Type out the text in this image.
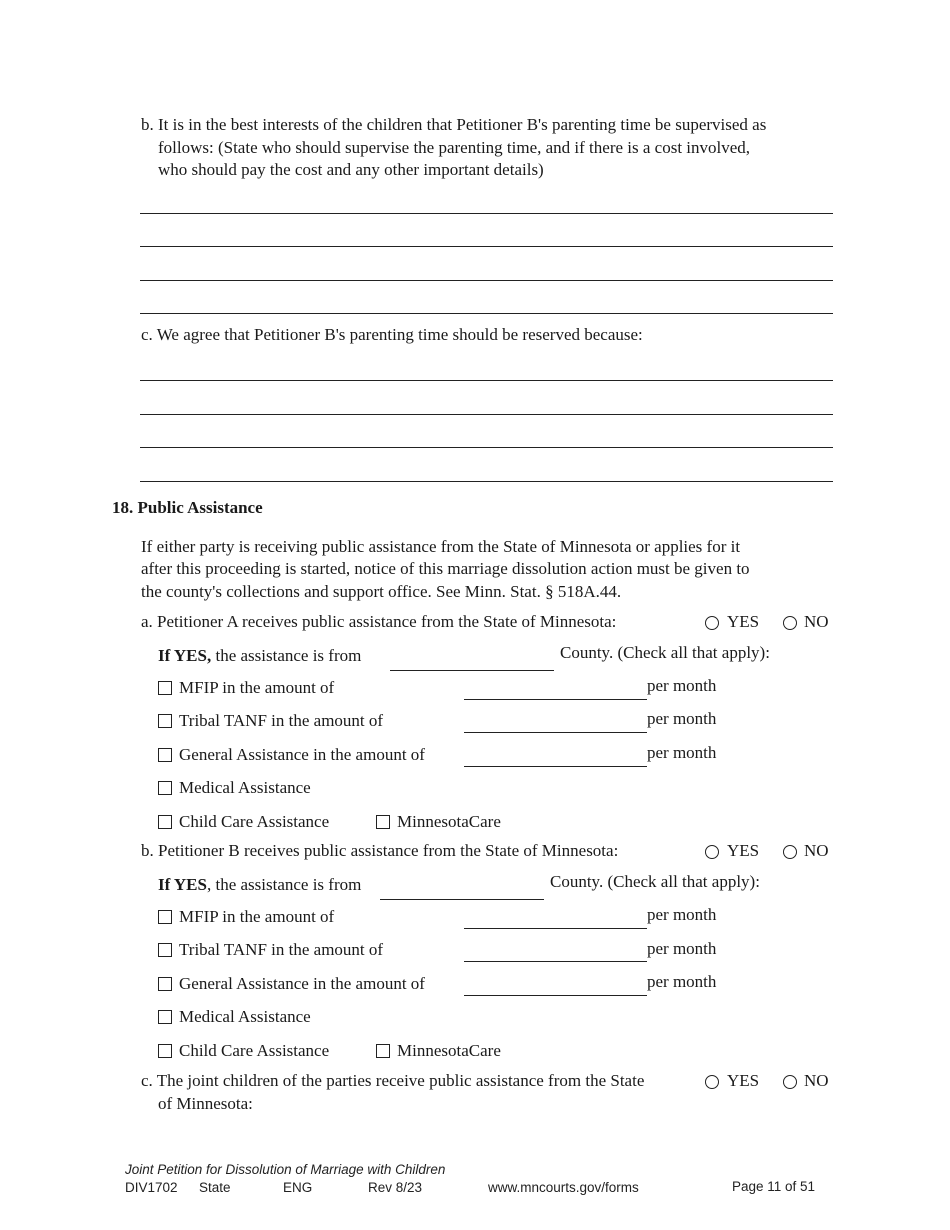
b. It is in the best interests of the children that Petitioner B's parenting time be supervised as
follows: (State who should supervise the parenting time, and if there is a cost involved,
who should pay the cost and any other important details)
c. We agree that Petitioner B's parenting time should be reserved because:
18. Public Assistance
If either party is receiving public assistance from the State of Minnesota or applies for it
after this proceeding is started, notice of this marriage dissolution action must be given to
the county's collections and support office. See Minn. Stat. § 518A.44.
a. Petitioner A receives public assistance from the State of Minnesota:	YES	NO
If YES, the assistance is from	County. (Check all that apply):
MFIP in the amount of	per month
Tribal TANF in the amount of	per month
General Assistance in the amount of	per month
Medical Assistance
Child Care Assistance	MinnesotaCare
b. Petitioner B receives public assistance from the State of Minnesota:	YES	NO
If YES, the assistance is from	County. (Check all that apply):
MFIP in the amount of	per month
Tribal TANF in the amount of	per month
General Assistance in the amount of	per month
Medical Assistance
Child Care Assistance	MinnesotaCare
c. The joint children of the parties receive public assistance from the State
of Minnesota:
YES	NO
Joint Petition for Dissolution of Marriage with Children
DIV1702 State	ENG	Rev 8/23	www.mncourts.gov/forms	Page 11 of 51
